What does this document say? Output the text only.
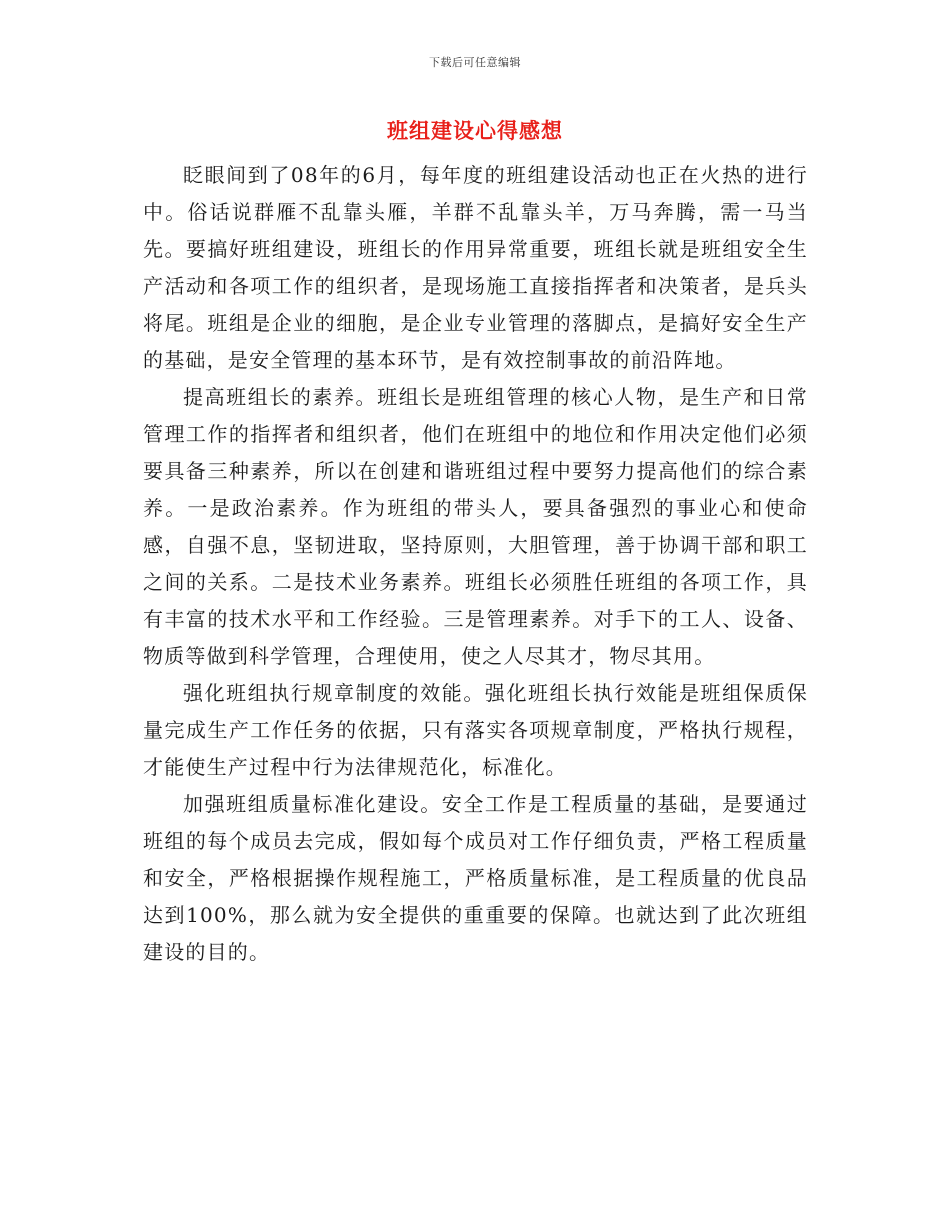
下载后可任意编辑
班组建设心得感想

眨眼间到了08年的6月，每年度的班组建设活动也正在火热的进行中。俗话说群雁不乱靠头雁，羊群不乱靠头羊，万马奔腾，需一马当先。要搞好班组建设，班组长的作用异常重要，班组长就是班组安全生产活动和各项工作的组织者，是现场施工直接指挥者和决策者，是兵头将尾。班组是企业的细胞，是企业专业管理的落脚点，是搞好安全生产的基础，是安全管理的基本环节，是有效控制事故的前沿阵地。

提高班组长的素养。班组长是班组管理的核心人物，是生产和日常管理工作的指挥者和组织者，他们在班组中的地位和作用决定他们必须要具备三种素养，所以在创建和谐班组过程中要努力提高他们的综合素养。一是政治素养。作为班组的带头人，要具备强烈的事业心和使命感，自强不息，坚韧进取，坚持原则，大胆管理，善于协调干部和职工之间的关系。二是技术业务素养。班组长必须胜任班组的各项工作，具有丰富的技术水平和工作经验。三是管理素养。对手下的工人、设备、物质等做到科学管理，合理使用，使之人尽其才，物尽其用。

强化班组执行规章制度的效能。强化班组长执行效能是班组保质保量完成生产工作任务的依据，只有落实各项规章制度，严格执行规程，才能使生产过程中行为法律规范化，标准化。

加强班组质量标准化建设。安全工作是工程质量的基础，是要通过班组的每个成员去完成，假如每个成员对工作仔细负责，严格工程质量和安全，严格根据操作规程施工，严格质量标准，是工程质量的优良品达到100%，那么就为安全提供的重重要的保障。也就达到了此次班组建设的目的。
